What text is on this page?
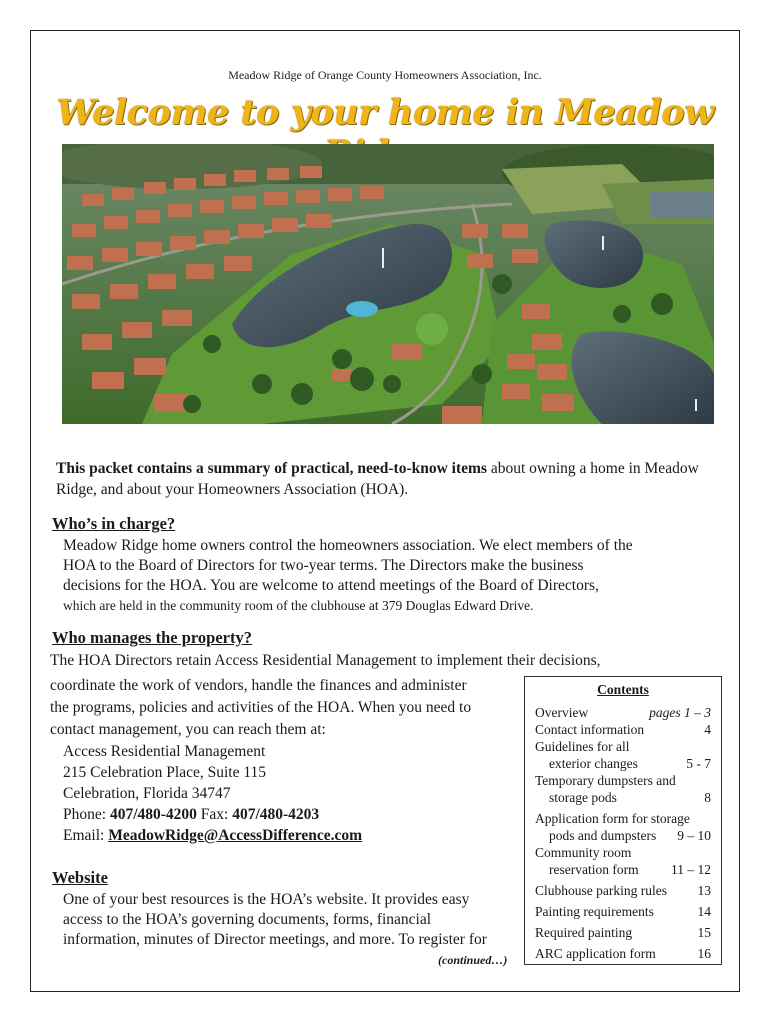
Meadow Ridge of Orange County Homeowners Association, Inc.
Welcome to your home in Meadow
This packet contains a summary of practical, need-to-know items about owning a home in Meadow Ridge, and about your Homeowners Association (HOA).
Who’s in charge?
Meadow Ridge home owners control the homeowners association. We elect members of the
HOA to the Board of Directors for two-year terms. The Directors make the business
decisions for the HOA. You are welcome to attend meetings of the Board of Directors,
which are held in the community room of the clubhouse at 379 Douglas Edward Drive.
Who manages the property?
The HOA Directors retain Access Residential Management to implement their decisions,
coordinate the work of vendors, handle the finances and administer
the programs, policies and activities of the HOA. When you need to
contact management, you can reach them at:
Access Residential Management
215 Celebration Place, Suite 115
Celebration, Florida 34747
Phone: 407/480-4200 Fax: 407/480-4203
Email: MeadowRidge@AccessDifference.com
Website
One of your best resources is the HOA’s website. It provides easy
access to the HOA’s governing documents, forms, financial
information, minutes of Director meetings, and more. To register for
(continued…)
Contents
Overview	pages 1 – 3
Contact information	4
Guidelines for all
exterior changes	5 - 7
Temporary dumpsters and
storage pods	8
Application form for storage
pods and dumpsters 9 – 10
Community room
reservation form 11 – 12
Clubhouse parking rules 13
Painting requirements	14
Required painting	15
ARC application form	16
